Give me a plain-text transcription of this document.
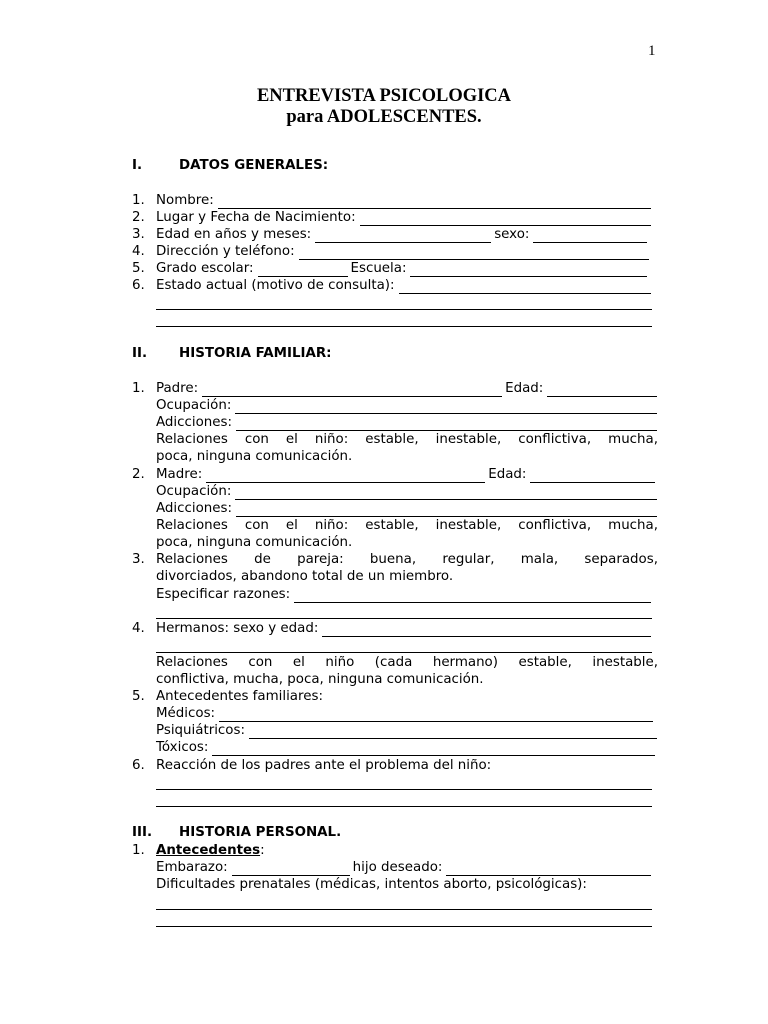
1
ENTREVISTA PSICOLOGICA
para ADOLESCENTES.
I.	DATOS GENERALES:
1. Nombre:
2. Lugar y Fecha de Nacimiento:
3. Edad en años y meses:	sexo:
4. Dirección y teléfono:
5. Grado escolar:	Escuela:
6. Estado actual (motivo de consulta):
II. HISTORIA FAMILIAR:
1. Padre:	Edad:
Ocupación:
Adicciones:
Relaciones con el niño: estable, inestable, conflictiva, mucha,
poca, ninguna comunicación.
2. Madre:	Edad:
Ocupación:
Adicciones:
Relaciones con el niño: estable, inestable, conflictiva, mucha,
poca, ninguna comunicación.
3. Relaciones de pareja: buena, regular, mala, separados,
divorciados, abandono total de un miembro.
Especificar razones:
4. Hermanos: sexo y edad:
Relaciones con el niño (cada hermano) estable, inestable,
conflictiva, mucha, poca, ninguna comunicación.
5. Antecedentes familiares:
Médicos:
Psiquiátricos:
Tóxicos:
6. Reacción de los padres ante el problema del niño:
III. HISTORIA PERSONAL.
1. Antecedentes:
Embarazo:	hijo deseado:
Dificultades prenatales (médicas, intentos aborto, psicológicas):
